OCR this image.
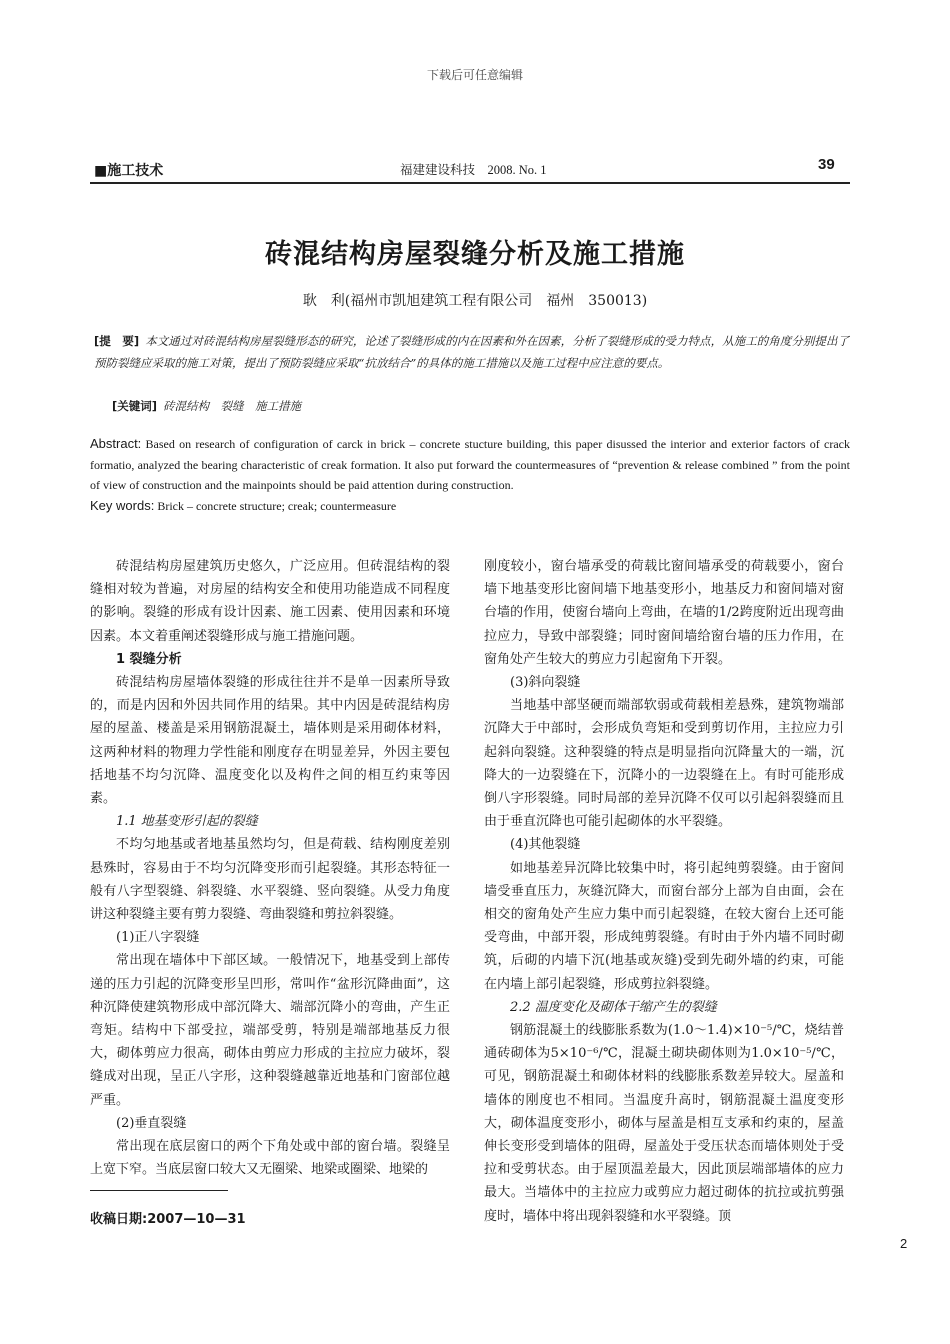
下载后可任意编辑
■施工技术	福建建设科技　2008. No. 1	39
砖混结构房屋裂缝分析及施工措施
耿　利(福州市凯旭建筑工程有限公司　福州　350013)
[提　要] 本文通过对砖混结构房屋裂缝形态的研究，论述了裂缝形成的内在因素和外在因素，分析了裂缝形成的受力特点，从施工的角度分别提出了预防裂缝应采取的施工对策，提出了预防裂缝应采取“抗放结合”的具体的施工措施以及施工过程中应注意的要点。
[关键词] 砖混结构　裂缝　施工措施
Abstract: Based on research of configuration of carck in brick – concrete stucture building, this paper disussed the interior and exterior factors of crack formatio, analyzed the bearing characteristic of creak formation. It also put forward the countermeasures of “prevention & release combined ” from the point of view of construction and the mainpoints should be paid attention during construction.
Key words: Brick – concrete structure; creak; countermeasure

砖混结构房屋建筑历史悠久，广泛应用。但砖混结构的裂缝相对较为普遍，对房屋的结构安全和使用功能造成不同程度的影响。裂缝的形成有设计因素、施工因素、使用因素和环境因素。本文着重阐述裂缝形成与施工措施问题。

1 裂缝分析

砖混结构房屋墙体裂缝的形成往往并不是单一因素所导致的，而是内因和外因共同作用的结果。其中内因是砖混结构房屋的屋盖、楼盖是采用钢筋混凝土，墙体则是采用砌体材料，这两种材料的物理力学性能和刚度存在明显差异，外因主要包括地基不均匀沉降、温度变化以及构件之间的相互约束等因素。

1.1 地基变形引起的裂缝

不均匀地基或者地基虽然均匀，但是荷载、结构刚度差别悬殊时，容易由于不均匀沉降变形而引起裂缝。其形态特征一般有八字型裂缝、斜裂缝、水平裂缝、竖向裂缝。从受力角度讲这种裂缝主要有剪力裂缝、弯曲裂缝和剪拉斜裂缝。

(1)正八字裂缝

常出现在墙体中下部区域。一般情况下，地基受到上部传递的压力引起的沉降变形呈凹形，常叫作“盆形沉降曲面”，这种沉降使建筑物形成中部沉降大、端部沉降小的弯曲，产生正弯矩。结构中下部受拉，端部受剪，特别是端部地基反力很大，砌体剪应力很高，砌体由剪应力形成的主拉应力破坏，裂缝成对出现，呈正八字形，这种裂缝越靠近地基和门窗部位越严重。

(2)垂直裂缝

常出现在底层窗口的两个下角处或中部的窗台墙。裂缝呈上宽下窄。当底层窗口较大又无圈梁、地梁或圈梁、地梁的

刚度较小，窗台墙承受的荷载比窗间墙承受的荷载要小，窗台墙下地基变形比窗间墙下地基变形小，地基反力和窗间墙对窗台墙的作用，使窗台墙向上弯曲，在墙的1/2跨度附近出现弯曲拉应力，导致中部裂缝；同时窗间墙给窗台墙的压力作用，在窗角处产生较大的剪应力引起窗角下开裂。

(3)斜向裂缝

当地基中部坚硬而端部软弱或荷载相差悬殊，建筑物端部沉降大于中部时，会形成负弯矩和受到剪切作用，主拉应力引起斜向裂缝。这种裂缝的特点是明显指向沉降量大的一端，沉降大的一边裂缝在下，沉降小的一边裂缝在上。有时可能形成倒八字形裂缝。同时局部的差异沉降不仅可以引起斜裂缝而且由于垂直沉降也可能引起砌体的水平裂缝。

(4)其他裂缝

如地基差异沉降比较集中时，将引起纯剪裂缝。由于窗间墙受垂直压力，灰缝沉降大，而窗台部分上部为自由面，会在相交的窗角处产生应力集中而引起裂缝，在较大窗台上还可能受弯曲，中部开裂，形成纯剪裂缝。有时由于外内墙不同时砌筑，后砌的内墙下沉(地基或灰缝)受到先砌外墙的约束，可能在内墙上部引起裂缝，形成剪拉斜裂缝。

2.2 温度变化及砌体干缩产生的裂缝

钢筋混凝土的线膨胀系数为(1.0～1.4)×10⁻⁵/℃，烧结普通砖砌体为5×10⁻⁶/℃，混凝土砌块砌体则为1.0×10⁻⁵/℃，可见，钢筋混凝土和砌体材料的线膨胀系数差异较大。屋盖和墙体的刚度也不相同。当温度升高时，钢筋混凝土温度变形大，砌体温度变形小，砌体与屋盖是相互支承和约束的，屋盖伸长变形受到墙体的阻碍，屋盖处于受压状态而墙体则处于受拉和受剪状态。由于屋顶温差最大，因此顶层端部墙体的应力最大。当墙体中的主拉应力或剪应力超过砌体的抗拉或抗剪强度时，墙体中将出现斜裂缝和水平裂缝。顶

收稿日期:2007—10—31
2
